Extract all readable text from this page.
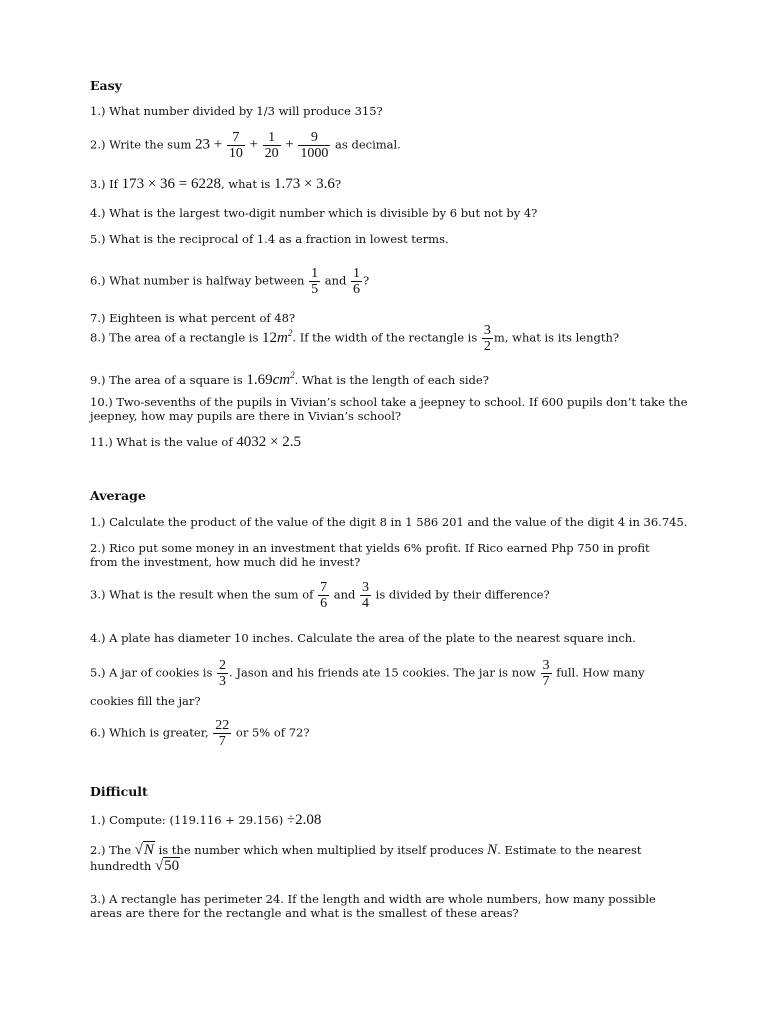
Easy
1.) What number divided by 1/3 will produce 315?
2.) Write the sum $23 + \frac{7}{10} + \frac{1}{20} + \frac{9}{1000}$ as decimal.
3.) If 173 × 36 = 6228, what is 1.73 × 3.6?
4.) What is the largest two-digit number which is divisible by 6 but not by 4?
5.) What is the reciprocal of 1.4 as a fraction in lowest terms.
6.) What number is halfway between $\frac{1}{5}$ and $\frac{1}{6}$ ?
7.) Eighteen is what percent of 48?
8.) The area of a rectangle is $12m^2$. If the width of the rectangle is $\frac{3}{2} m$, what is its length?
9.) The area of a square is $1.69cm^2$. What is the length of each side?
10.) Two-sevenths of the pupils in Vivian’s school take a jeepney to school. If 600 pupils don’t take the jeepney, how may pupils are there in Vivian’s school?
11.) What is the value of 4032 × 2.5
Average
1.) Calculate the product of the value of the digit 8 in 1 586 201 and the value of the digit 4 in 36.745.
2.) Rico put some money in an investment that yields 6% profit. If Rico earned Php 750 in profit from the investment, how much did he invest?
3.) What is the result when the sum of $\frac{7}{6}$ and $\frac{3}{4}$ is divided by their difference?
4.) A plate has diameter 10 inches. Calculate the area of the plate to the nearest square inch.
5.) A jar of cookies is $\frac{2}{3}$ . Jason and his friends ate 15 cookies. The jar is now $\frac{3}{7}$ full. How many
cookies fill the jar?
6.) Which is greater, $\frac{22}{7}$ or 5% of 72?
Difficult
1.) Compute: (119.116 + 29.156) ÷2.08
2.) The √N is the number which when multiplied by itself produces N. Estimate to the nearest
hundredth √50
3.) A rectangle has perimeter 24. If the length and width are whole numbers, how many possible areas are there for the rectangle and what is the smallest of these areas?
